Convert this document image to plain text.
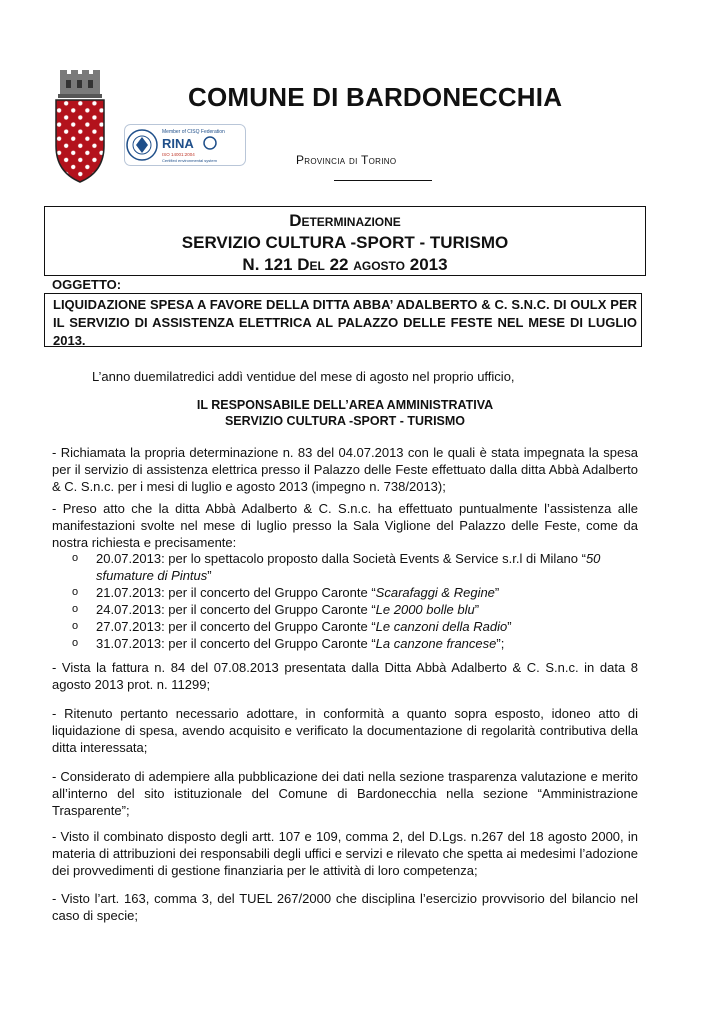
Member of CISQ Federation
RINA
ISO 14001:2004
Certified environmental system
COMUNE DI BARDONECCHIA
Provincia di Torino
Determinazione
SERVIZIO CULTURA -SPORT - TURISMO
N. 121 Del 22 agosto 2013
OGGETTO:
LIQUIDAZIONE SPESA A FAVORE DELLA DITTA ABBA’ ADALBERTO & C. S.N.C. DI OULX PER IL SERVIZIO DI ASSISTENZA ELETTRICA AL PALAZZO DELLE FESTE NEL MESE DI LUGLIO 2013.

L’anno duemilatredici addì ventidue del mese di agosto nel proprio ufficio,

IL RESPONSABILE DELL’AREA AMMINISTRATIVA
SERVIZIO CULTURA -SPORT - TURISMO

- Richiamata la propria determinazione n. 83 del 04.07.2013 con le quali è stata impegnata la spesa per il servizio di assistenza elettrica presso il Palazzo delle Feste effettuato dalla ditta Abbà Adalberto & C. S.n.c. per i mesi di luglio e agosto 2013 (impegno n. 738/2013);

- Preso atto che la ditta Abbà Adalberto & C. S.n.c. ha effettuato puntualmente l’assistenza alle manifestazioni svolte nel mese di luglio presso la Sala Viglione del Palazzo delle Feste, come da nostra richiesta e precisamente:

o 20.07.2013: per lo spettacolo proposto dalla Società Events & Service s.r.l di Milano “50 sfumature di Pintus”
o 21.07.2013: per il concerto del Gruppo Caronte “Scarafaggi & Regine”
o 24.07.2013: per il concerto del Gruppo Caronte “Le 2000 bolle blu”
o 27.07.2013: per il concerto del Gruppo Caronte “Le canzoni della Radio”
o 31.07.2013: per il concerto del Gruppo Caronte “La canzone francese”;

- Vista la fattura n. 84 del 07.08.2013 presentata dalla Ditta Abbà Adalberto & C. S.n.c. in data 8 agosto 2013 prot. n. 11299;

- Ritenuto pertanto necessario adottare, in conformità a quanto sopra esposto, idoneo atto di liquidazione di spesa, avendo acquisito e verificato la documentazione di regolarità contributiva della ditta interessata;

- Considerato di adempiere alla pubblicazione dei dati nella sezione trasparenza valutazione e merito all’interno del sito istituzionale del Comune di Bardonecchia nella sezione “Amministrazione Trasparente”;

- Visto il combinato disposto degli artt. 107 e 109, comma 2, del D.Lgs. n.267 del 18 agosto 2000, in materia di attribuzioni dei responsabili degli uffici e servizi e rilevato che spetta ai medesimi l’adozione dei provvedimenti di gestione finanziaria per le attività di loro competenza;

- Visto l’art. 163, comma 3, del TUEL 267/2000 che disciplina l’esercizio provvisorio del bilancio nel caso di specie;
